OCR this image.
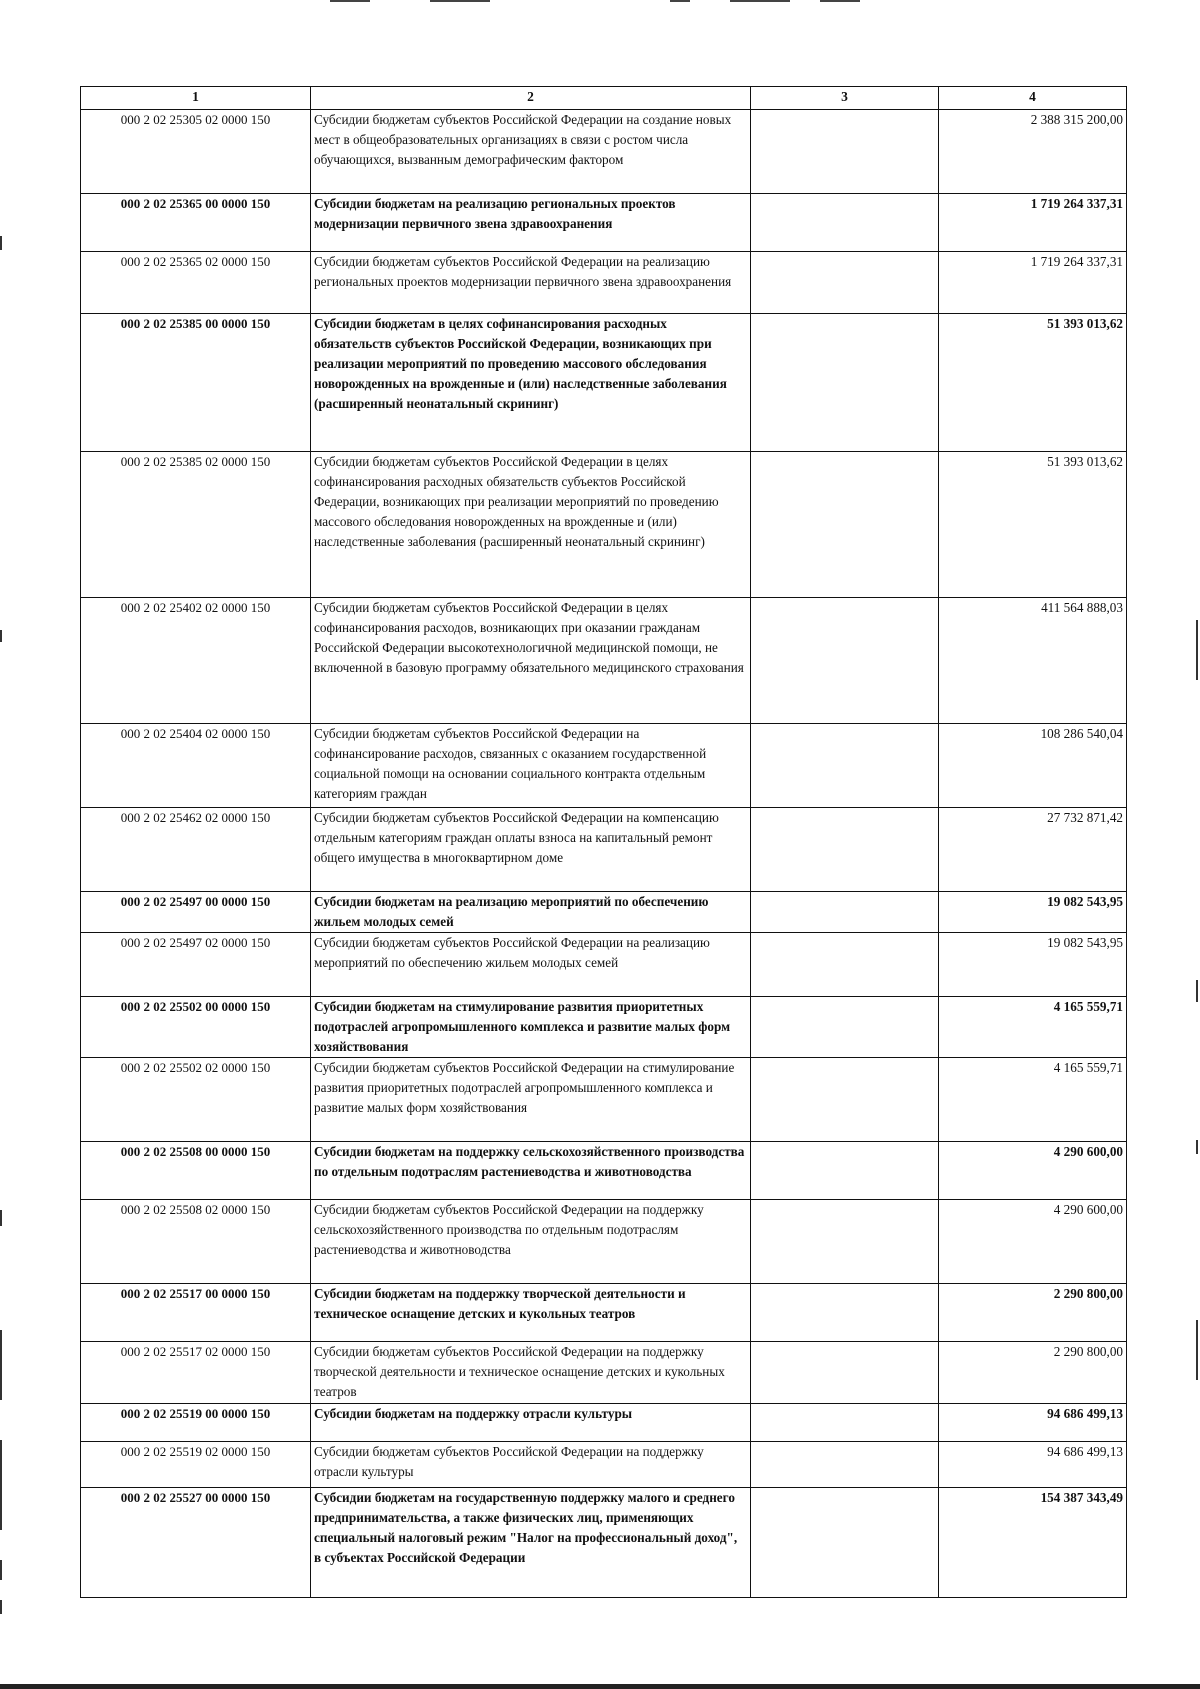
1	2	3	4
000 2 02 25305 02 0000 150	Субсидии бюджетам субъектов Российской Федерации на создание новых мест в общеобразовательных организациях в связи с ростом числа обучающихся, вызванным демографическим фактором		2 388 315 200,00
000 2 02 25365 00 0000 150	Субсидии бюджетам на реализацию региональных проектов модернизации первичного звена здравоохранения		1 719 264 337,31
000 2 02 25365 02 0000 150	Субсидии бюджетам субъектов Российской Федерации на реализацию региональных проектов модернизации первичного звена здравоохранения		1 719 264 337,31
000 2 02 25385 00 0000 150	Субсидии бюджетам в целях софинансирования расходных обязательств субъектов Российской Федерации, возникающих при реализации мероприятий по проведению массового обследования новорожденных на врожденные и (или) наследственные заболевания (расширенный неонатальный скрининг)		51 393 013,62
000 2 02 25385 02 0000 150	Субсидии бюджетам субъектов Российской Федерации в целях софинансирования расходных обязательств субъектов Российской Федерации, возникающих при реализации мероприятий по проведению массового обследования новорожденных на врожденные и (или) наследственные заболевания (расширенный неонатальный скрининг)		51 393 013,62
000 2 02 25402 02 0000 150	Субсидии бюджетам субъектов Российской Федерации в целях софинансирования расходов, возникающих при оказании гражданам Российской Федерации высокотехнологичной медицинской помощи, не включенной в базовую программу обязательного медицинского страхования		411 564 888,03
000 2 02 25404 02 0000 150	Субсидии бюджетам субъектов Российской Федерации на софинансирование расходов, связанных с оказанием государственной социальной помощи на основании социального контракта отдельным категориям граждан		108 286 540,04
000 2 02 25462 02 0000 150	Субсидии бюджетам субъектов Российской Федерации на компенсацию отдельным категориям граждан оплаты взноса на капитальный ремонт общего имущества в многоквартирном доме		27 732 871,42
000 2 02 25497 00 0000 150	Субсидии бюджетам на реализацию мероприятий по обеспечению жильем молодых семей		19 082 543,95
000 2 02 25497 02 0000 150	Субсидии бюджетам субъектов Российской Федерации на реализацию мероприятий по обеспечению жильем молодых семей		19 082 543,95
000 2 02 25502 00 0000 150	Субсидии бюджетам на стимулирование развития приоритетных подотраслей агропромышленного комплекса и развитие малых форм хозяйствования		4 165 559,71
000 2 02 25502 02 0000 150	Субсидии бюджетам субъектов Российской Федерации на стимулирование развития приоритетных подотраслей агропромышленного комплекса и развитие малых форм хозяйствования		4 165 559,71
000 2 02 25508 00 0000 150	Субсидии бюджетам на поддержку сельскохозяйственного производства по отдельным подотраслям растениеводства и животноводства		4 290 600,00
000 2 02 25508 02 0000 150	Субсидии бюджетам субъектов Российской Федерации на поддержку сельскохозяйственного производства по отдельным подотраслям растениеводства и животноводства		4 290 600,00
000 2 02 25517 00 0000 150	Субсидии бюджетам на поддержку творческой деятельности и техническое оснащение детских и кукольных театров		2 290 800,00
000 2 02 25517 02 0000 150	Субсидии бюджетам субъектов Российской Федерации на поддержку творческой деятельности и техническое оснащение детских и кукольных театров		2 290 800,00
000 2 02 25519 00 0000 150	Субсидии бюджетам на поддержку отрасли культуры		94 686 499,13
000 2 02 25519 02 0000 150	Субсидии бюджетам субъектов Российской Федерации на поддержку отрасли культуры		94 686 499,13
000 2 02 25527 00 0000 150	Субсидии бюджетам на государственную поддержку малого и среднего предпринимательства, а также физических лиц, применяющих специальный налоговый режим "Налог на профессиональный доход", в субъектах Российской Федерации		154 387 343,49
